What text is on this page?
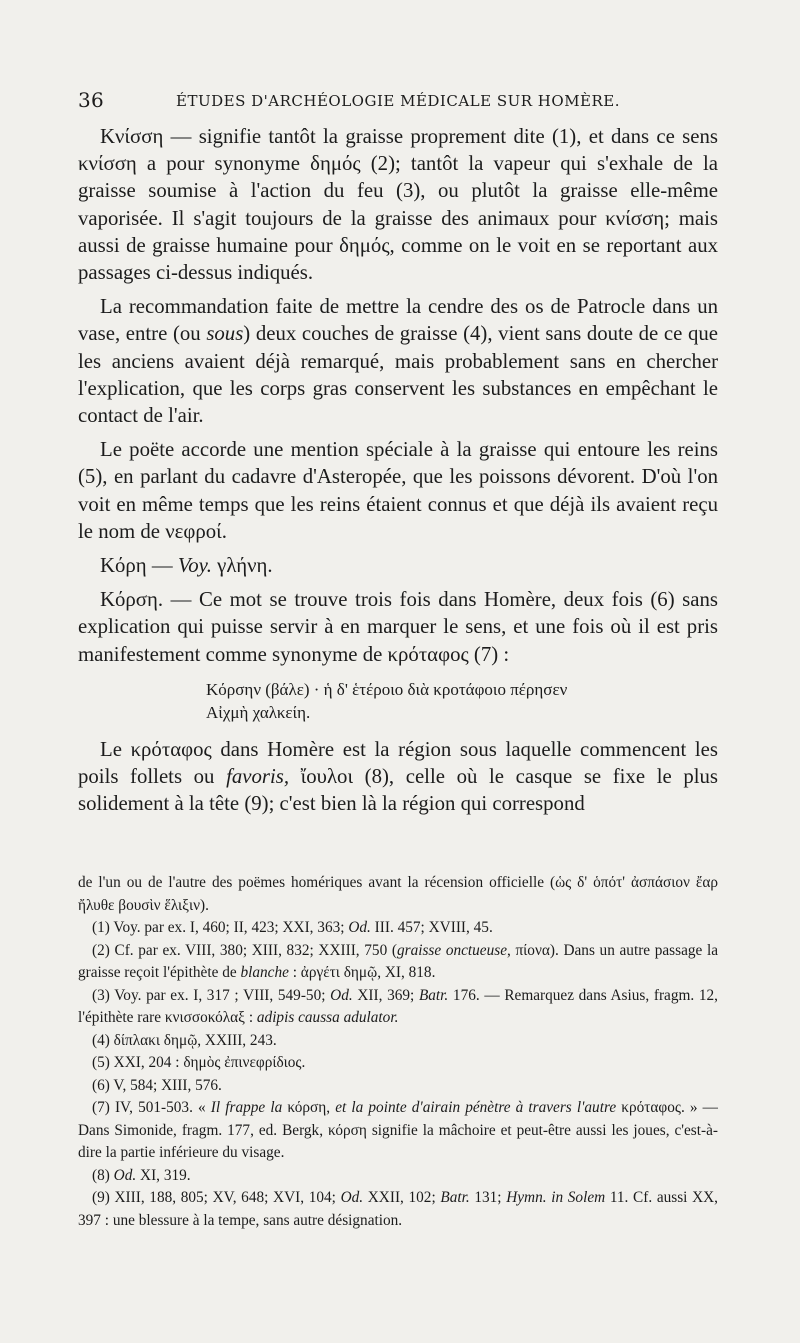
36	ÉTUDES D'ARCHÉOLOGIE MÉDICALE SUR HOMÈRE.

Κνίσση — signifie tantôt la graisse proprement dite (1), et dans ce sens κνίσση a pour synonyme δημός (2); tantôt la vapeur qui s'exhale de la graisse soumise à l'action du feu (3), ou plutôt la graisse elle-même vaporisée. Il s'agit toujours de la graisse des animaux pour κνίσση; mais aussi de graisse humaine pour δημός, comme on le voit en se reportant aux passages ci-dessus indiqués.

La recommandation faite de mettre la cendre des os de Patrocle dans un vase, entre (ou sous) deux couches de graisse (4), vient sans doute de ce que les anciens avaient déjà remarqué, mais probablement sans en chercher l'explication, que les corps gras conservent les substances en empêchant le contact de l'air.

Le poëte accorde une mention spéciale à la graisse qui entoure les reins (5), en parlant du cadavre d'Asteropée, que les poissons dévorent. D'où l'on voit en même temps que les reins étaient connus et que déjà ils avaient reçu le nom de νεφροί.

Κόρη — Voy. γλήνη.

Κόρση. — Ce mot se trouve trois fois dans Homère, deux fois (6) sans explication qui puisse servir à en marquer le sens, et une fois où il est pris manifestement comme synonyme de κρόταφος (7) :

Κόρσην (βάλε) · ἡ δ' ἑτέροιο διὰ κροτάφοιο πέρησεν
Αἰχμὴ χαλκείη.

Le κρόταφος dans Homère est la région sous laquelle commencent les poils follets ou favoris, ἴουλοι (8), celle où le casque se fixe le plus solidement à la tête (9); c'est bien là la région qui correspond

de l'un ou de l'autre des poëmes homériques avant la récension officielle (ὡς δ' ὁπότ' ἀσπάσιον ἔαρ ἤλυθε βουσὶν ἕλιξιν).

(1) Voy. par ex. I, 460; II, 423; XXI, 363; Od. III. 457; XVIII, 45.

(2) Cf. par ex. VIII, 380; XIII, 832; XXIII, 750 (graisse onctueuse, πίονα). Dans un autre passage la graisse reçoit l'épithète de blanche : ἀργέτι δημῷ, XI, 818.

(3) Voy. par ex. I, 317 ; VIII, 549-50; Od. XII, 369; Batr. 176. — Remarquez dans Asius, fragm. 12, l'épithète rare κνισσοκόλαξ : adipis caussa adulator.

(4) δίπλακι δημῷ, XXIII, 243.

(5) XXI, 204 : δημὸς ἐπινεφρίδιος.

(6) V, 584; XIII, 576.

(7) IV, 501-503. « Il frappe la κόρση, et la pointe d'airain pénètre à travers l'autre κρόταφος. » — Dans Simonide, fragm. 177, ed. Bergk, κόρση signifie la mâchoire et peut-être aussi les joues, c'est-à-dire la partie inférieure du visage.

(8) Od. XI, 319.

(9) XIII, 188, 805; XV, 648; XVI, 104; Od. XXII, 102; Batr. 131; Hymn. in Solem 11. Cf. aussi XX, 397 : une blessure à la tempe, sans autre désignation.
